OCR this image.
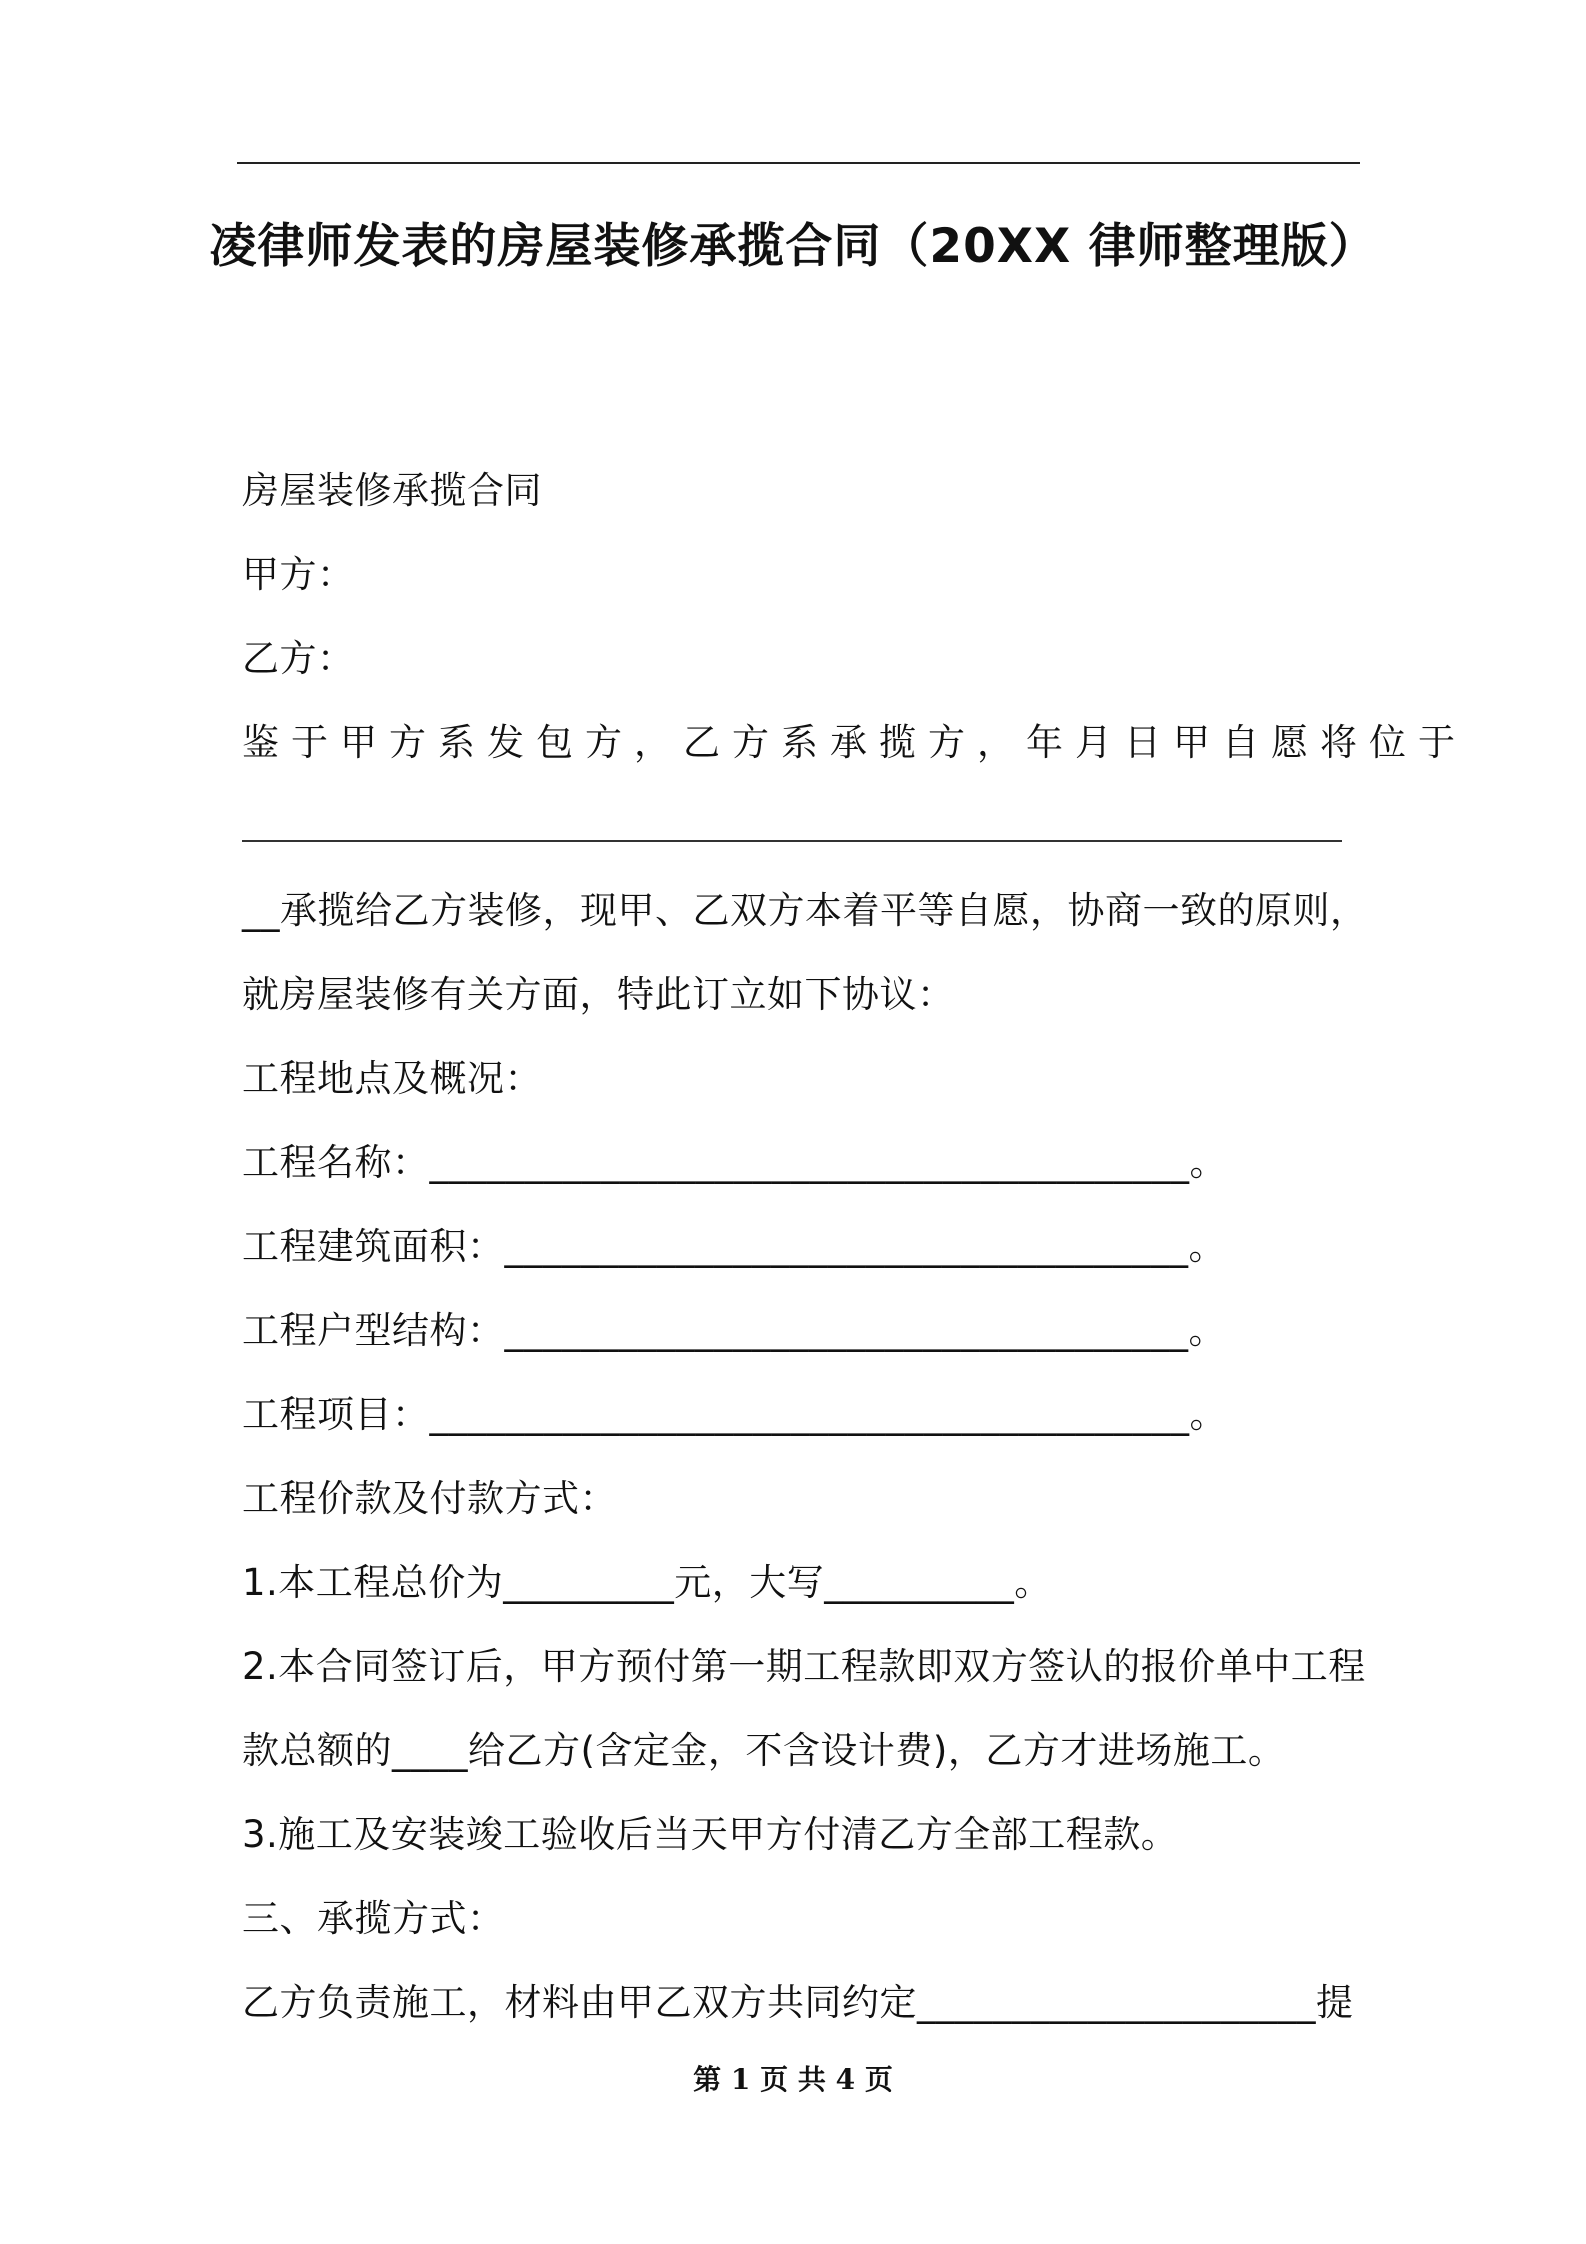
凌律师发表的房屋装修承揽合同（20XX 律师整理版）
房屋装修承揽合同
甲方：
乙方：
鉴于甲方系发包方，乙方系承揽方，年月日甲自愿将位于
__承揽给乙方装修，现甲、乙双方本着平等自愿，协商一致的原则，
就房屋装修有关方面，特此订立如下协议：
工程地点及概况：
工程名称：________________________________________。
工程建筑面积：____________________________________。
工程户型结构：____________________________________。
工程项目：________________________________________。
工程价款及付款方式：
1.本工程总价为_________元，大写__________。
2.本合同签订后，甲方预付第一期工程款即双方签认的报价单中工程
款总额的____给乙方(含定金，不含设计费)，乙方才进场施工。
3.施工及安装竣工验收后当天甲方付清乙方全部工程款。
三、承揽方式：
乙方负责施工，材料由甲乙双方共同约定_____________________提
第 1 页 共 4 页
